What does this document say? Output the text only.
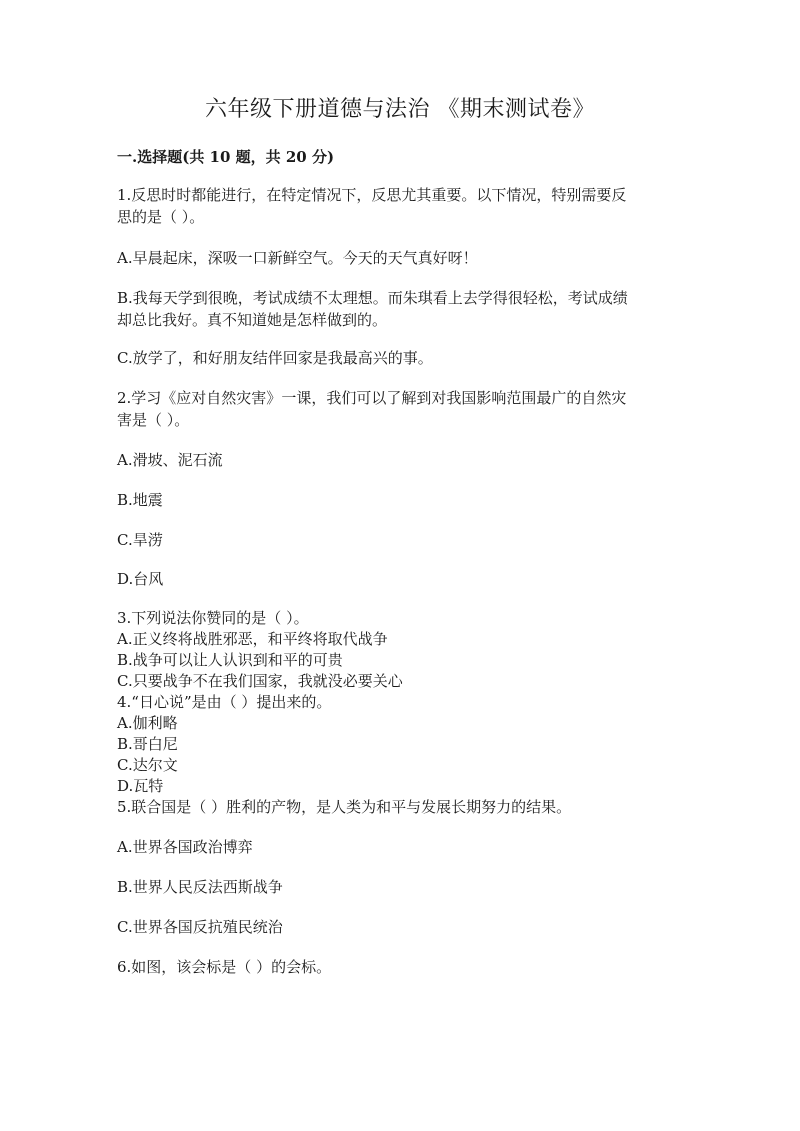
六年级下册道德与法治 《期末测试卷》
一.选择题(共 10 题，共 20 分)
1.反思时时都能进行，在特定情况下，反思尤其重要。以下情况，特别需要反
思的是（ ）。
A.早晨起床，深吸一口新鲜空气。今天的天气真好呀！
B.我每天学到很晚，考试成绩不太理想。而朱琪看上去学得很轻松，考试成绩
却总比我好。真不知道她是怎样做到的。
C.放学了，和好朋友结伴回家是我最高兴的事。
2.学习《应对自然灾害》一课，我们可以了解到对我国影响范围最广的自然灾
害是（ ）。
A.滑坡、泥石流
B.地震
C.旱涝
D.台风
3.下列说法你赞同的是（ ）。
A.正义终将战胜邪恶，和平终将取代战争
B.战争可以让人认识到和平的可贵
C.只要战争不在我们国家，我就没必要关心
4.“日心说”是由（ ）提出来的。
A.伽利略
B.哥白尼
C.达尔文
D.瓦特
5.联合国是（ ）胜利的产物，是人类为和平与发展长期努力的结果。
A.世界各国政治博弈
B.世界人民反法西斯战争
C.世界各国反抗殖民统治
6.如图，该会标是（ ）的会标。
